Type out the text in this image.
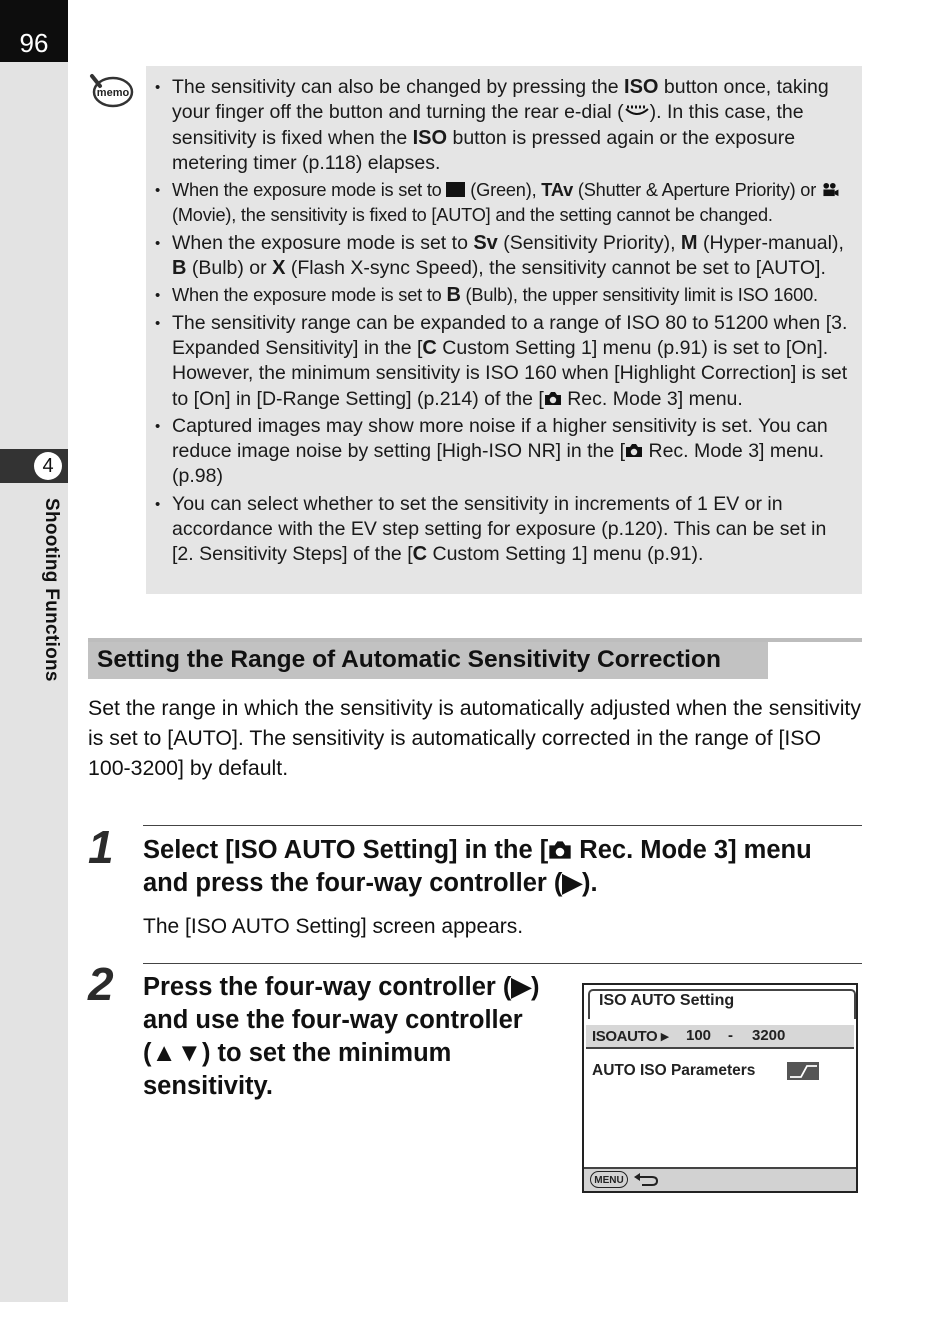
96
4
Shooting Functions
memo
• The sensitivity can also be changed by pressing the ISO button once, taking your finger off the button and turning the rear e-dial ( ). In this case, the sensitivity is fixed when the ISO button is pressed again or the exposure metering timer (p.118) elapses.
• When the exposure mode is set to  (Green), TAv (Shutter & Aperture Priority) or  (Movie), the sensitivity is fixed to [AUTO] and the setting cannot be changed.
• When the exposure mode is set to Sv (Sensitivity Priority), M (Hyper-manual), B (Bulb) or X (Flash X-sync Speed), the sensitivity cannot be set to [AUTO].
• When the exposure mode is set to B (Bulb), the upper sensitivity limit is ISO 1600.
• The sensitivity range can be expanded to a range of ISO 80 to 51200 when [3. Expanded Sensitivity] in the [C Custom Setting 1] menu (p.91) is set to [On]. However, the minimum sensitivity is ISO 160 when [Highlight Correction] is set to [On] in [D-Range Setting] (p.214) of the [ Rec. Mode 3] menu.
• Captured images may show more noise if a higher sensitivity is set. You can reduce image noise by setting [High-ISO NR] in the [ Rec. Mode 3] menu. (p.98)
• You can select whether to set the sensitivity in increments of 1 EV or in accordance with the EV step setting for exposure (p.120). This can be set in [2. Sensitivity Steps] of the [C Custom Setting 1] menu (p.91).
Setting the Range of Automatic Sensitivity Correction
Set the range in which the sensitivity is automatically adjusted when the sensitivity is set to [AUTO]. The sensitivity is automatically corrected in the range of [ISO 100-3200] by default.
1 Select [ISO AUTO Setting] in the [ Rec. Mode 3] menu
and press the four-way controller (▶).
The [ISO AUTO Setting] screen appears.
2 Press the four-way controller (▶)
and use the four-way controller
(▲▼) to set the minimum
sensitivity.
ISO AUTO Setting
ISOAUTO ▸ 100 - 3200
AUTO ISO Parameters
MENU
